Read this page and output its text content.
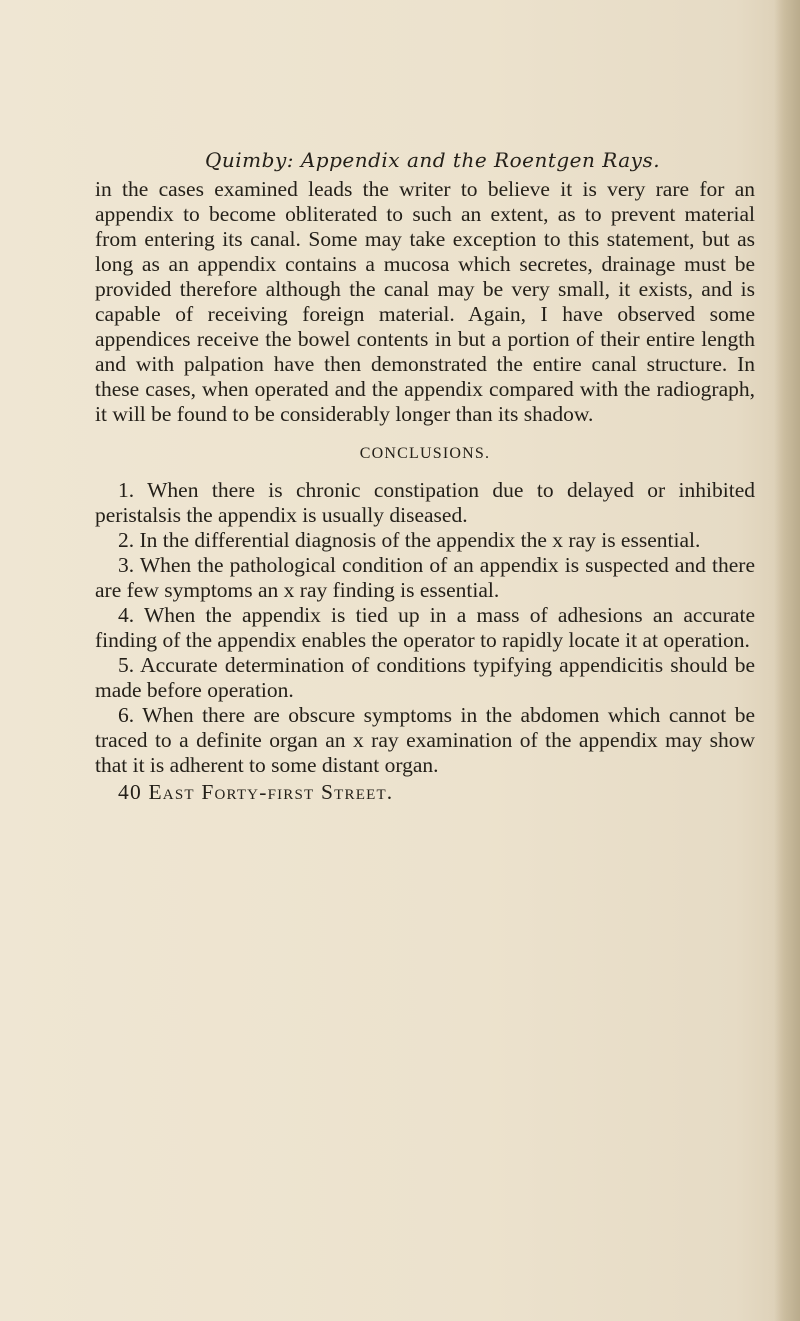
Quimby: Appendix and the Roentgen Rays.

in the cases examined leads the writer to believe it is very rare for an appendix to become obliterated to such an extent, as to prevent material from entering its canal. Some may take exception to this statement, but as long as an appendix contains a mucosa which secretes, drainage must be provided therefore although the canal may be very small, it exists, and is capable of receiving foreign material. Again, I have observed some appendices receive the bowel contents in but a portion of their entire length and with palpation have then demonstrated the entire canal structure. In these cases, when operated and the appendix compared with the radiograph, it will be found to be considerably longer than its shadow.

CONCLUSIONS.

1. When there is chronic constipation due to delayed or inhibited peristalsis the appendix is usually diseased.

2. In the differential diagnosis of the appendix the x ray is essential.

3. When the pathological condition of an appendix is suspected and there are few symptoms an x ray finding is essential.

4. When the appendix is tied up in a mass of adhesions an accurate finding of the appendix enables the operator to rapidly locate it at operation.

5. Accurate determination of conditions typifying appendicitis should be made before operation.

6. When there are obscure symptoms in the abdomen which cannot be traced to a definite organ an x ray examination of the appendix may show that it is adherent to some distant organ.

40 East Forty-first Street.
